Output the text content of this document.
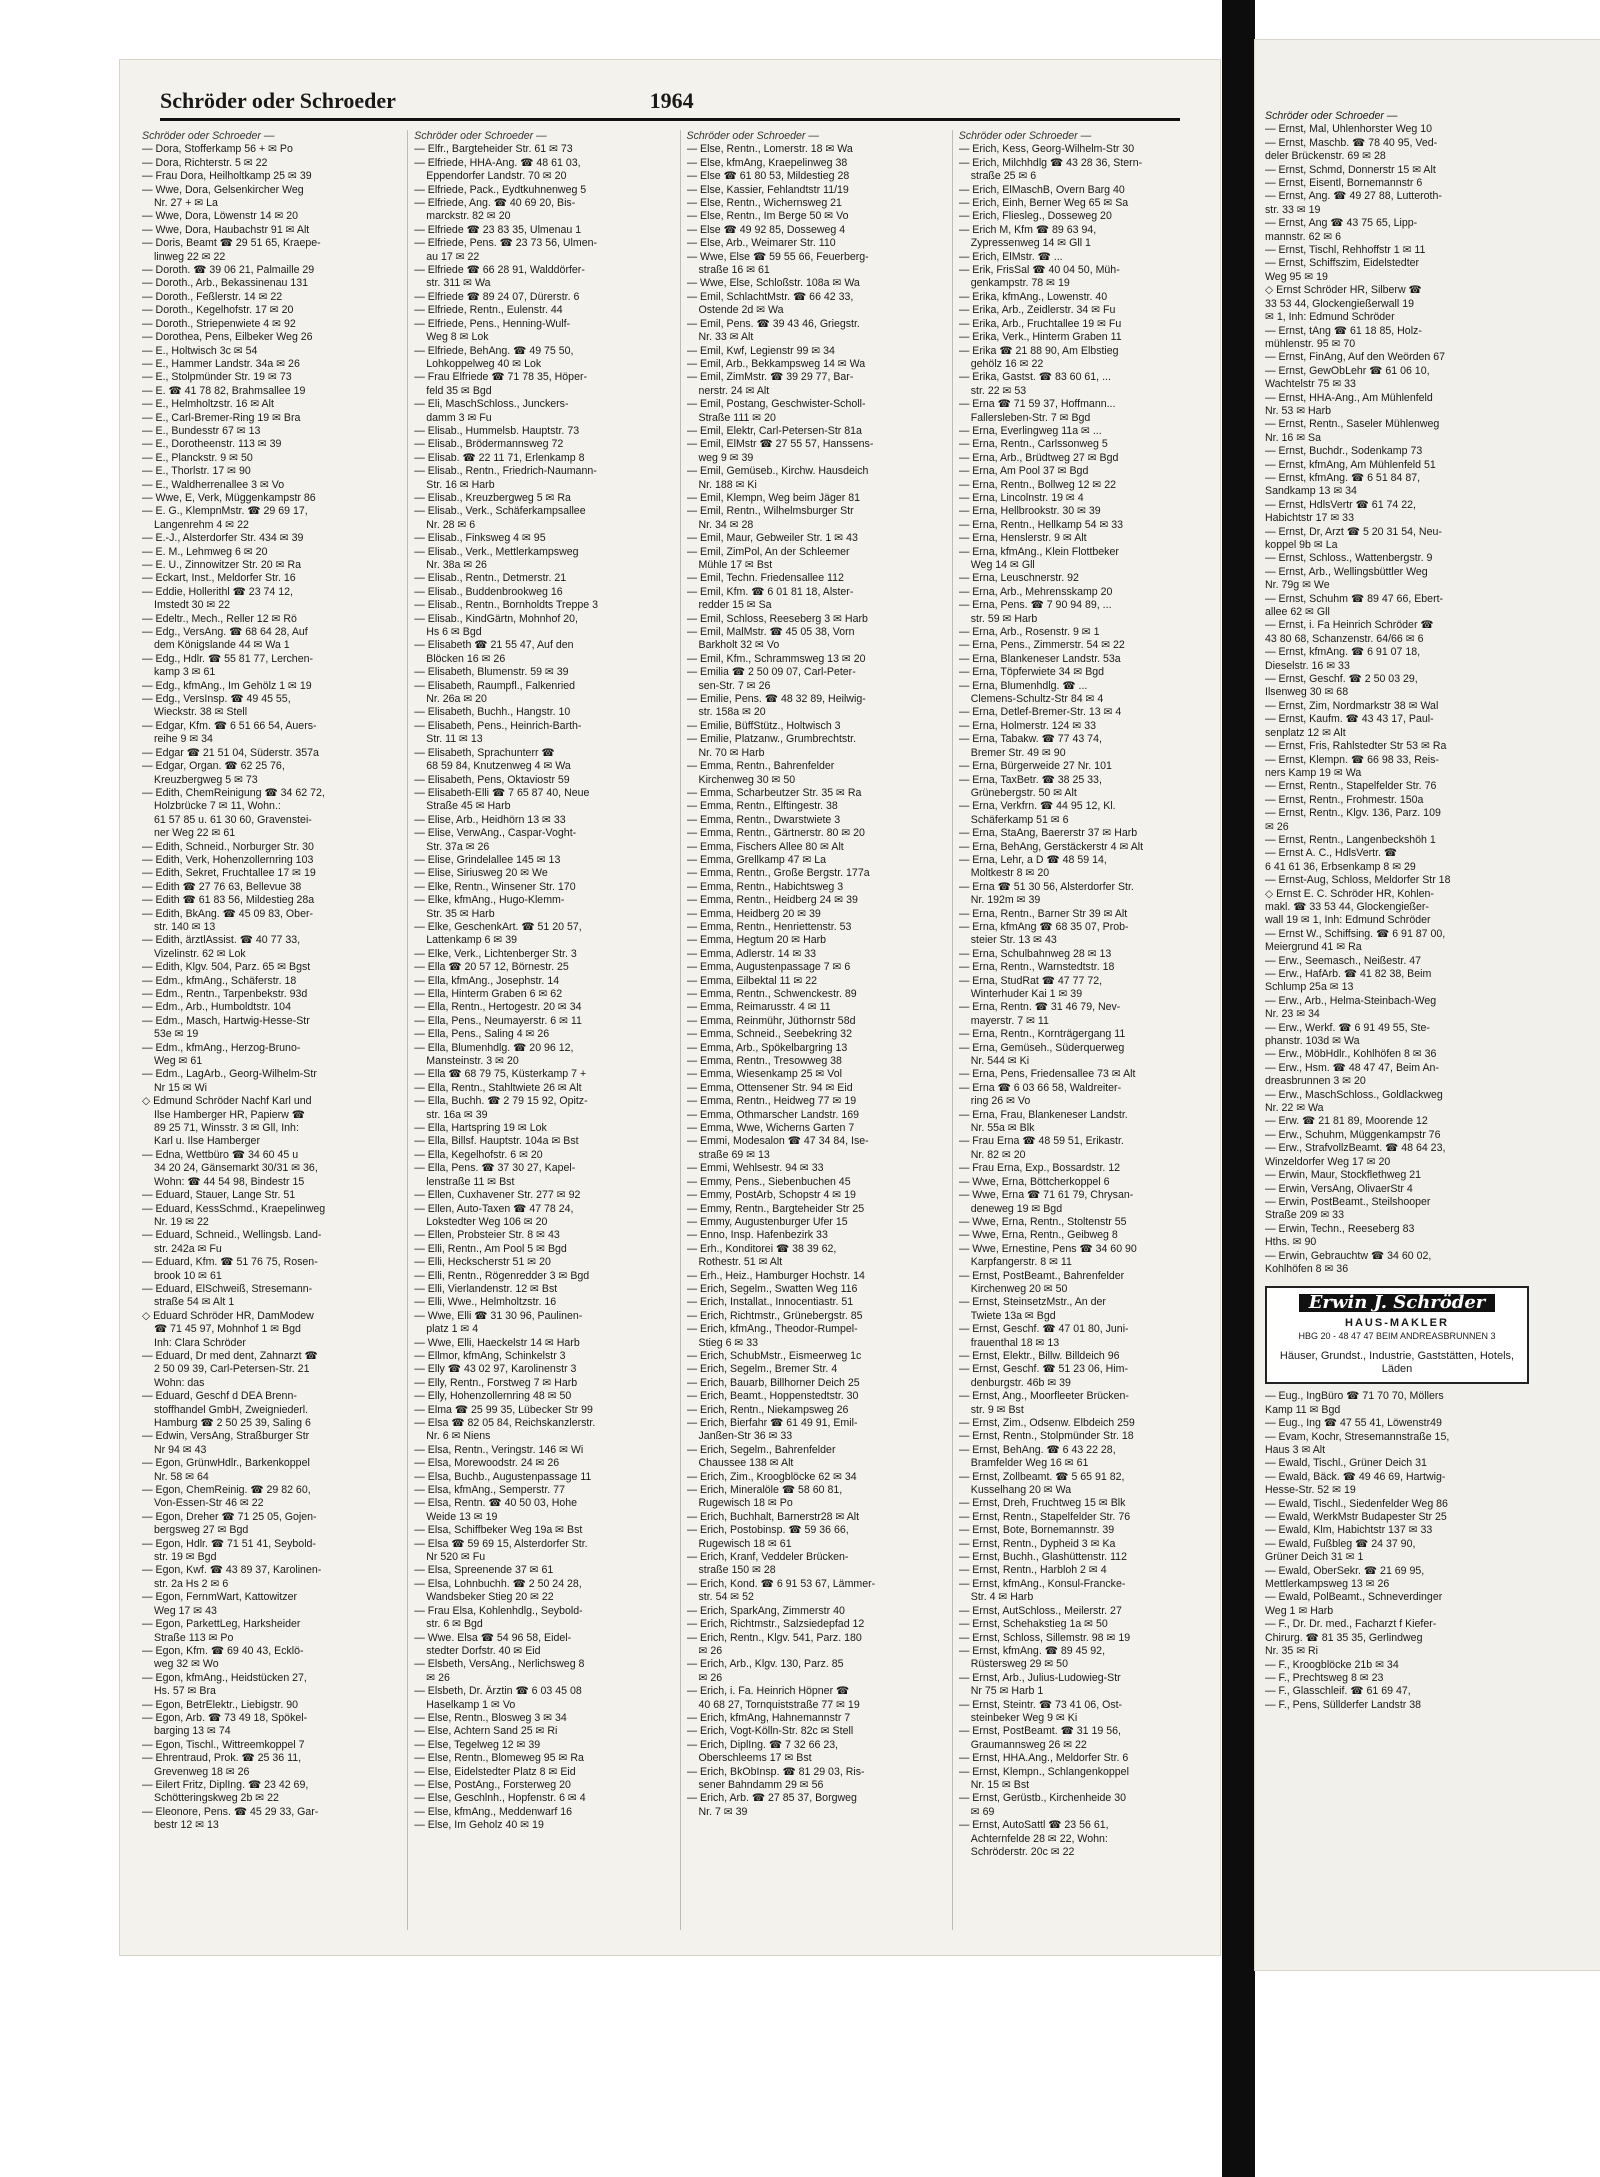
Schröder oder Schroeder	1964
Schröder oder Schroeder —
— Dora, Stofferkamp 56 + ✉ Po
— Dora, Richterstr. 5 ✉ 22
— Frau Dora, Heilholtkamp 25 ✉ 39
— Wwe, Dora, Gelsenkircher Weg
Nr. 27 + ✉ La
— Wwe, Dora, Löwenstr 14 ✉ 20
— Wwe, Dora, Haubachstr 91 ✉ Alt
— Doris, Beamt ☎ 29 51 65, Kraepe-
linweg 22 ✉ 22
— Doroth. ☎ 39 06 21, Palmaille 29
— Doroth., Arb., Bekassinenau 131
— Doroth., Feßlerstr. 14 ✉ 22
— Doroth., Kegelhofstr. 17 ✉ 20
— Doroth., Striepenwiete 4 ✉ 92
— Dorothea, Pens, Eilbeker Weg 26
— E., Holtwisch 3c ✉ 54
— E., Hammer Landstr. 34a ✉ 26
— E., Stolpmünder Str. 19 ✉ 73
— E. ☎ 41 78 82, Brahmsallee 19
— E., Helmholtzstr. 16 ✉ Alt
— E., Carl-Bremer-Ring 19 ✉ Bra
— E., Bundesstr 67 ✉ 13
— E., Dorotheenstr. 113 ✉ 39
— E., Planckstr. 9 ✉ 50
— E., Thorlstr. 17 ✉ 90
— E., Waldherrenallee 3 ✉ Vo
— Wwe, E, Verk, Müggenkampstr 86
— E. G., KlempnMstr. ☎ 29 69 17,
Langenrehm 4 ✉ 22
— E.-J., Alsterdorfer Str. 434 ✉ 39
— E. M., Lehmweg 6 ✉ 20
— E. U., Zinnowitzer Str. 20 ✉ Ra
— Eckart, Inst., Meldorfer Str. 16
— Eddie, Hollerithl ☎ 23 74 12,
Imstedt 30 ✉ 22
— Edeltr., Mech., Reller 12 ✉ Rö
— Edg., VersAng. ☎ 68 64 28, Auf
dem Königslande 44 ✉ Wa 1
— Edg., Hdlr. ☎ 55 81 77, Lerchen-
kamp 3 ✉ 61
— Edg., kfmAng., Im Gehölz 1 ✉ 19
— Edg., VersInsp. ☎ 49 45 55,
Wieckstr. 38 ✉ Stell
— Edgar, Kfm. ☎ 6 51 66 54, Auers-
reihe 9 ✉ 34
— Edgar ☎ 21 51 04, Süderstr. 357a
— Edgar, Organ. ☎ 62 25 76,
Kreuzbergweg 5 ✉ 73
— Edith, ChemReinigung ☎ 34 62 72,
Holzbrücke 7 ✉ 11, Wohn.:
61 57 85 u. 61 30 60, Gravenstei-
ner Weg 22 ✉ 61
— Edith, Schneid., Norburger Str. 30
— Edith, Verk, Hohenzollernring 103
— Edith, Sekret, Fruchtallee 17 ✉ 19
— Edith ☎ 27 76 63, Bellevue 38
— Edith ☎ 61 83 56, Mildestieg 28a
— Edith, BkAng. ☎ 45 09 83, Ober-
str. 140 ✉ 13
— Edith, ärztlAssist. ☎ 40 77 33,
Vizelinstr. 62 ✉ Lok
— Edith, Klgv. 504, Parz. 65 ✉ Bgst
— Edm., kfmAng., Schäferstr. 18
— Edm., Rentn., Tarpenbekstr. 93d
— Edm., Arb., Humboldtstr. 104
— Edm., Masch, Hartwig-Hesse-Str
53e ✉ 19
— Edm., kfmAng., Herzog-Bruno-
Weg ✉ 61
— Edm., LagArb., Georg-Wilhelm-Str
Nr 15 ✉ Wi
◇ Edmund Schröder Nachf Karl und
Ilse Hamberger HR, Papierw ☎
89 25 71, Winsstr. 3 ✉ Gll, Inh:
Karl u. Ilse Hamberger
— Edna, Wettbüro ☎ 34 60 45 u
34 20 24, Gänsemarkt 30/31 ✉ 36,
Wohn: ☎ 44 54 98, Bindestr 15
— Eduard, Stauer, Lange Str. 51
— Eduard, KessSchmd., Kraepelinweg
Nr. 19 ✉ 22
— Eduard, Schneid., Wellingsb. Land-
str. 242a ✉ Fu
— Eduard, Kfm. ☎ 51 76 75, Rosen-
brook 10 ✉ 61
— Eduard, ElSchweiß, Stresemann-
straße 54 ✉ Alt 1
◇ Eduard Schröder HR, DamModew
☎ 71 45 97, Mohnhof 1 ✉ Bgd
Inh: Clara Schröder
— Eduard, Dr med dent, Zahnarzt ☎
2 50 09 39, Carl-Petersen-Str. 21
Wohn: das
— Eduard, Geschf d DEA Brenn-
stoffhandel GmbH, Zweigniederl.
Hamburg ☎ 2 50 25 39, Saling 6
— Edwin, VersAng, Straßburger Str
Nr 94 ✉ 43
— Egon, GrünwHdlr., Barkenkoppel
Nr. 58 ✉ 64
— Egon, ChemReinig. ☎ 29 82 60,
Von-Essen-Str 46 ✉ 22
— Egon, Dreher ☎ 71 25 05, Gojen-
bergsweg 27 ✉ Bgd
— Egon, Hdlr. ☎ 71 51 41, Seybold-
str. 19 ✉ Bgd
— Egon, Kwf. ☎ 43 89 37, Karolinen-
str. 2a Hs 2 ✉ 6
— Egon, FernmWart, Kattowitzer
Weg 17 ✉ 43
— Egon, ParkettLeg, Harksheider
Straße 113 ✉ Po
— Egon, Kfm. ☎ 69 40 43, Ecklö-
weg 32 ✉ Wo
— Egon, kfmAng., Heidstücken 27,
Hs. 57 ✉ Bra
— Egon, BetrElektr., Liebigstr. 90
— Egon, Arb. ☎ 73 49 18, Spökel-
barging 13 ✉ 74
— Egon, Tischl., Wittreemkoppel 7
— Ehrentraud, Prok. ☎ 25 36 11,
Grevenweg 18 ✉ 26
— Eilert Fritz, DiplIng. ☎ 23 42 69,
Schötteringskweg 2b ✉ 22
— Eleonore, Pens. ☎ 45 29 33, Gar-
bestr 12 ✉ 13
Schröder oder Schroeder —
— Elfr., Bargteheider Str. 61 ✉ 73
— Elfriede, HHA-Ang. ☎ 48 61 03,
Eppendorfer Landstr. 70 ✉ 20
— Elfriede, Pack., Eydtkuhnenweg 5
— Elfriede, Ang. ☎ 40 69 20, Bis-
marckstr. 82 ✉ 20
— Elfriede ☎ 23 83 35, Ulmenau 1
— Elfriede, Pens. ☎ 23 73 56, Ulmen-
au 17 ✉ 22
— Elfriede ☎ 66 28 91, Walddörfer-
str. 311 ✉ Wa
— Elfriede ☎ 89 24 07, Dürerstr. 6
— Elfriede, Rentn., Eulenstr. 44
— Elfriede, Pens., Henning-Wulf-
Weg 8 ✉ Lok
— Elfriede, BehAng. ☎ 49 75 50,
Lohkoppelweg 40 ✉ Lok
— Frau Elfriede ☎ 71 78 35, Höper-
feld 35 ✉ Bgd
— Eli, MaschSchloss., Junckers-
damm 3 ✉ Fu
— Elisab., Hummelsb. Hauptstr. 73
— Elisab., Brödermannsweg 72
— Elisab. ☎ 22 11 71, Erlenkamp 8
— Elisab., Rentn., Friedrich-Naumann-
Str. 16 ✉ Harb
— Elisab., Kreuzbergweg 5 ✉ Ra
— Elisab., Verk., Schäferkampsallee
Nr. 28 ✉ 6
— Elisab., Finksweg 4 ✉ 95
— Elisab., Verk., Mettlerkampsweg
Nr. 38a ✉ 26
— Elisab., Rentn., Detmerstr. 21
— Elisab., Buddenbrookweg 16
— Elisab., Rentn., Bornholdts Treppe 3
— Elisab., KindGärtn, Mohnhof 20,
Hs 6 ✉ Bgd
— Elisabeth ☎ 21 55 47, Auf den
Blöcken 16 ✉ 26
— Elisabeth, Blumenstr. 59 ✉ 39
— Elisabeth, Raumpfl., Falkenried
Nr. 26a ✉ 20
— Elisabeth, Buchh., Hangstr. 10
— Elisabeth, Pens., Heinrich-Barth-
Str. 11 ✉ 13
— Elisabeth, Sprachunterr ☎
68 59 84, Knutzenweg 4 ✉ Wa
— Elisabeth, Pens, Oktaviostr 59
— Elisabeth-Elli ☎ 7 65 87 40, Neue
Straße 45 ✉ Harb
— Elise, Arb., Heidhörn 13 ✉ 33
— Elise, VerwAng., Caspar-Voght-
Str. 37a ✉ 26
— Elise, Grindelallee 145 ✉ 13
— Elise, Siriusweg 20 ✉ We
— Elke, Rentn., Winsener Str. 170
— Elke, kfmAng., Hugo-Klemm-
Str. 35 ✉ Harb
— Elke, GeschenkArt. ☎ 51 20 57,
Lattenkamp 6 ✉ 39
— Elke, Verk., Lichtenberger Str. 3
— Ella ☎ 20 57 12, Börnestr. 25
— Ella, kfmAng., Josephstr. 14
— Ella, Hinterm Graben 6 ✉ 62
— Ella, Rentn., Hertogestr. 20 ✉ 34
— Ella, Pens., Neumayerstr. 6 ✉ 11
— Ella, Pens., Saling 4 ✉ 26
— Ella, Blumenhdlg. ☎ 20 96 12,
Mansteinstr. 3 ✉ 20
— Ella ☎ 68 79 75, Küsterkamp 7 +
— Ella, Rentn., Stahltwiete 26 ✉ Alt
— Ella, Buchh. ☎ 2 79 15 92, Opitz-
str. 16a ✉ 39
— Ella, Hartspring 19 ✉ Lok
— Ella, Billsf. Hauptstr. 104a ✉ Bst
— Ella, Kegelhofstr. 6 ✉ 20
— Ella, Pens. ☎ 37 30 27, Kapel-
lenstraße 11 ✉ Bst
— Ellen, Cuxhavener Str. 277 ✉ 92
— Ellen, Auto-Taxen ☎ 47 78 24,
Lokstedter Weg 106 ✉ 20
— Ellen, Probsteier Str. 8 ✉ 43
— Elli, Rentn., Am Pool 5 ✉ Bgd
— Elli, Heckscherstr 51 ✉ 20
— Elli, Rentn., Rögenredder 3 ✉ Bgd
— Elli, Vierlandenstr. 12 ✉ Bst
— Elli, Wwe., Helmholtzstr. 16
— Wwe, Elli ☎ 31 30 96, Paulinen-
platz 1 ✉ 4
— Wwe, Elli, Haeckelstr 14 ✉ Harb
— Ellmor, kfmAng, Schinkelstr 3
— Elly ☎ 43 02 97, Karolinenstr 3
— Elly, Rentn., Forstweg 7 ✉ Harb
— Elly, Hohenzollernring 48 ✉ 50
— Elma ☎ 25 99 35, Lübecker Str 99
— Elsa ☎ 82 05 84, Reichskanzlerstr.
Nr. 6 ✉ Niens
— Elsa, Rentn., Veringstr. 146 ✉ Wi
— Elsa, Morewoodstr. 24 ✉ 26
— Elsa, Buchb., Augustenpassage 11
— Elsa, kfmAng., Semperstr. 77
— Elsa, Rentn. ☎ 40 50 03, Hohe
Weide 13 ✉ 19
— Elsa, Schiffbeker Weg 19a ✉ Bst
— Elsa ☎ 59 69 15, Alsterdorfer Str.
Nr 520 ✉ Fu
— Elsa, Spreenende 37 ✉ 61
— Elsa, Lohnbuchh. ☎ 2 50 24 28,
Wandsbeker Stieg 20 ✉ 22
— Frau Elsa, Kohlenhdlg., Seybold-
str. 6 ✉ Bgd
— Wwe. Elsa ☎ 54 96 58, Eidel-
stedter Dorfstr. 40 ✉ Eid
— Elsbeth, VersAng., Nerlichsweg 8
✉ 26
— Elsbeth, Dr. Ärztin ☎ 6 03 45 08
Haselkamp 1 ✉ Vo
— Else, Rentn., Blosweg 3 ✉ 34
— Else, Achtern Sand 25 ✉ Ri
— Else, Tegelweg 12 ✉ 39
— Else, Rentn., Blomeweg 95 ✉ Ra
— Else, Eidelstedter Platz 8 ✉ Eid
— Else, PostAng., Forsterweg 20
— Else, Geschlnh., Hopfenstr. 6 ✉ 4
— Else, kfmAng., Meddenwarf 16
— Else, Im Geholz 40 ✉ 19
Schröder oder Schroeder —
— Else, Rentn., Lomerstr. 18 ✉ Wa
— Else, kfmAng, Kraepelinweg 38
— Else ☎ 61 80 53, Mildestieg 28
— Else, Kassier, Fehlandtstr 11/19
— Else, Rentn., Wichernsweg 21
— Else, Rentn., Im Berge 50 ✉ Vo
— Else ☎ 49 92 85, Dosseweg 4
— Else, Arb., Weimarer Str. 110
— Wwe, Else ☎ 59 55 66, Feuerberg-
straße 16 ✉ 61
— Wwe, Else, Schloßstr. 108a ✉ Wa
— Emil, SchlachtMstr. ☎ 66 42 33,
Ostende 2d ✉ Wa
— Emil, Pens. ☎ 39 43 46, Griegstr.
Nr. 33 ✉ Alt
— Emil, Kwf, Legienstr 99 ✉ 34
— Emil, Arb., Bekkampsweg 14 ✉ Wa
— Emil, ZimMstr. ☎ 39 29 77, Bar-
nerstr. 24 ✉ Alt
— Emil, Postang, Geschwister-Scholl-
Straße 111 ✉ 20
— Emil, Elektr, Carl-Petersen-Str 81a
— Emil, ElMstr ☎ 27 55 57, Hanssens-
weg 9 ✉ 39
— Emil, Gemüseb., Kirchw. Hausdeich
Nr. 188 ✉ Ki
— Emil, Klempn, Weg beim Jäger 81
— Emil, Rentn., Wilhelmsburger Str
Nr. 34 ✉ 28
— Emil, Maur, Gebweiler Str. 1 ✉ 43
— Emil, ZimPol, An der Schleemer
Mühle 17 ✉ Bst
— Emil, Techn. Friedensallee 112
— Emil, Kfm. ☎ 6 01 81 18, Alster-
redder 15 ✉ Sa
— Emil, Schloss, Reeseberg 3 ✉ Harb
— Emil, MalMstr. ☎ 45 05 38, Vorn
Barkholt 32 ✉ Vo
— Emil, Kfm., Schrammsweg 13 ✉ 20
— Emilia ☎ 2 50 09 07, Carl-Peter-
sen-Str. 7 ✉ 26
— Emilie, Pens. ☎ 48 32 89, Heilwig-
str. 158a ✉ 20
— Emilie, BüffStütz., Holtwisch 3
— Emilie, Platzanw., Grumbrechtstr.
Nr. 70 ✉ Harb
— Emma, Rentn., Bahrenfelder
Kirchenweg 30 ✉ 50
— Emma, Scharbeutzer Str. 35 ✉ Ra
— Emma, Rentn., Elftingestr. 38
— Emma, Rentn., Dwarstwiete 3
— Emma, Rentn., Gärtnerstr. 80 ✉ 20
— Emma, Fischers Allee 80 ✉ Alt
— Emma, Grellkamp 47 ✉ La
— Emma, Rentn., Große Bergstr. 177a
— Emma, Rentn., Habichtsweg 3
— Emma, Rentn., Heidberg 24 ✉ 39
— Emma, Heidberg 20 ✉ 39
— Emma, Rentn., Henriettenstr. 53
— Emma, Hegtum 20 ✉ Harb
— Emma, Adlerstr. 14 ✉ 33
— Emma, Augustenpassage 7 ✉ 6
— Emma, Eilbektal 11 ✉ 22
— Emma, Rentn., Schwenckestr. 89
— Emma, Reimarusstr. 4 ✉ 11
— Emma, Reinmühr, Jüthornstr 58d
— Emma, Schneid., Seebekring 32
— Emma, Arb., Spökelbargring 13
— Emma, Rentn., Tresowweg 38
— Emma, Wiesenkamp 25 ✉ Vol
— Emma, Ottensener Str. 94 ✉ Eid
— Emma, Rentn., Heidweg 77 ✉ 19
— Emma, Othmarscher Landstr. 169
— Emma, Wwe, Wicherns Garten 7
— Emmi, Modesalon ☎ 47 34 84, Ise-
straße 69 ✉ 13
— Emmi, Wehlsestr. 94 ✉ 33
— Emmy, Pens., Siebenbuchen 45
— Emmy, PostArb, Schopstr 4 ✉ 19
— Emmy, Rentn., Bargteheider Str 25
— Emmy, Augustenburger Ufer 15
— Enno, Insp. Hafenbezirk 33
— Erh., Konditorei ☎ 38 39 62,
Rothestr. 51 ✉ Alt
— Erh., Heiz., Hamburger Hochstr. 14
— Erich, Segelm., Swatten Weg 116
— Erich, Installat., Innocentiastr. 51
— Erich, Richtmstr., Grünebergstr. 85
— Erich, kfmAng., Theodor-Rumpel-
Stieg 6 ✉ 33
— Erich, SchubMstr., Eismeerweg 1c
— Erich, Segelm., Bremer Str. 4
— Erich, Bauarb, Billhorner Deich 25
— Erich, Beamt., Hoppenstedtstr. 30
— Erich, Rentn., Niekampsweg 26
— Erich, Bierfahr ☎ 61 49 91, Emil-
Janßen-Str 36 ✉ 33
— Erich, Segelm., Bahrenfelder
Chaussee 138 ✉ Alt
— Erich, Zim., Kroogblöcke 62 ✉ 34
— Erich, Mineralöle ☎ 58 60 81,
Rugewisch 18 ✉ Po
— Erich, Buchhalt, Barnerstr28 ✉ Alt
— Erich, Postobinsp. ☎ 59 36 66,
Rugewisch 18 ✉ 61
— Erich, Kranf, Veddeler Brücken-
straße 150 ✉ 28
— Erich, Kond. ☎ 6 91 53 67, Lämmer-
str. 54 ✉ 52
— Erich, SparkAng, Zimmerstr 40
— Erich, Richtmstr., Salzsiedepfad 12
— Erich, Rentn., Klgv. 541, Parz. 180
✉ 26
— Erich, Arb., Klgv. 130, Parz. 85
✉ 26
— Erich, i. Fa. Heinrich Höpner ☎
40 68 27, Tornquiststraße 77 ✉ 19
— Erich, kfmAng, Hahnemannstr 7
— Erich, Vogt-Kölln-Str. 82c ✉ Stell
— Erich, DiplIng. ☎ 7 32 66 23,
Oberschleems 17 ✉ Bst
— Erich, BkObInsp. ☎ 81 29 03, Ris-
sener Bahndamm 29 ✉ 56
— Erich, Arb. ☎ 27 85 37, Borgweg
Nr. 7 ✉ 39
Schröder oder Schroeder —
— Erich, Kess, Georg-Wilhelm-Str 30
— Erich, Milchhdlg ☎ 43 28 36, Stern-
straße 25 ✉ 6
— Erich, ElMaschB, Overn Barg 40
— Erich, Einh, Berner Weg 65 ✉ Sa
— Erich, Fliesleg., Dosseweg 20
— Erich M, Kfm ☎ 89 63 94,
Zypressenweg 14 ✉ Gll 1
— Erich, ElMstr. ☎ ...
— Erik, FrisSal ☎ 40 04 50, Müh-
genkampstr. 78 ✉ 19
— Erika, kfmAng., Lowenstr. 40
— Erika, Arb., Zeidlerstr. 34 ✉ Fu
— Erika, Arb., Fruchtallee 19 ✉ Fu
— Erika, Verk., Hinterm Graben 11
— Erika ☎ 21 88 90, Am Elbstieg
gehölz 16 ✉ 22
— Erika, Gastst. ☎ 83 60 61, ...
str. 22 ✉ 53
— Erna ☎ 71 59 37, Hoffmann...
Fallersleben-Str. 7 ✉ Bgd
— Erna, Everlingweg 11a ✉ ...
— Erna, Rentn., Carlssonweg 5
— Erna, Arb., Brüdtweg 27 ✉ Bgd
— Erna, Am Pool 37 ✉ Bgd
— Erna, Rentn., Bollweg 12 ✉ 22
— Erna, Lincolnstr. 19 ✉ 4
— Erna, Hellbrookstr. 30 ✉ 39
— Erna, Rentn., Hellkamp 54 ✉ 33
— Erna, Henslerstr. 9 ✉ Alt
— Erna, kfmAng., Klein Flottbeker
Weg 14 ✉ Gll
— Erna, Leuschnerstr. 92
— Erna, Arb., Mehrensskamp 20
— Erna, Pens. ☎ 7 90 94 89, ...
str. 59 ✉ Harb
— Erna, Arb., Rosenstr. 9 ✉ 1
— Erna, Pens., Zimmerstr. 54 ✉ 22
— Erna, Blankeneser Landstr. 53a
— Erna, Töpferwiete 34 ✉ Bgd
— Erna, Blumenhdlg. ☎ ...
Clemens-Schultz-Str 84 ✉ 4
— Erna, Detlef-Bremer-Str. 13 ✉ 4
— Erna, Holmerstr. 124 ✉ 33
— Erna, Tabakw. ☎ 77 43 74,
Bremer Str. 49 ✉ 90
— Erna, Bürgerweide 27 Nr. 101
— Erna, TaxBetr. ☎ 38 25 33,
Grünebergstr. 50 ✉ Alt
— Erna, Verkfrn. ☎ 44 95 12, Kl.
Schäferkamp 51 ✉ 6
— Erna, StaAng, Baererstr 37 ✉ Harb
— Erna, BehAng, Gerstäckerstr 4 ✉ Alt
— Erna, Lehr, a D ☎ 48 59 14,
Moltkestr 8 ✉ 20
— Erna ☎ 51 30 56, Alsterdorfer Str.
Nr. 192m ✉ 39
— Erna, Rentn., Barner Str 39 ✉ Alt
— Erna, kfmAng ☎ 68 35 07, Prob-
steier Str. 13 ✉ 43
— Erna, Schulbahnweg 28 ✉ 13
— Erna, Rentn., Warnstedtstr. 18
— Erna, StudRat ☎ 47 77 72,
Winterhuder Kai 1 ✉ 39
— Erna, Rentn. ☎ 31 46 79, Nev-
mayerstr. 7 ✉ 11
— Erna, Rentn., Kornträgergang 11
— Erna, Gemüseh., Süderquerweg
Nr. 544 ✉ Ki
— Erna, Pens, Friedensallee 73 ✉ Alt
— Erna ☎ 6 03 66 58, Waldreiter-
ring 26 ✉ Vo
— Erna, Frau, Blankeneser Landstr.
Nr. 55a ✉ Blk
— Frau Erna ☎ 48 59 51, Erikastr.
Nr. 82 ✉ 20
— Frau Erna, Exp., Bossardstr. 12
— Wwe, Erna, Böttcherkoppel 6
— Wwe, Erna ☎ 71 61 79, Chrysan-
deneweg 19 ✉ Bgd
— Wwe, Erna, Rentn., Stoltenstr 55
— Wwe, Erna, Rentn., Geibweg 8
— Wwe, Ernestine, Pens ☎ 34 60 90
Karpfangerstr. 8 ✉ 11
— Ernst, PostBeamt., Bahrenfelder
Kirchenweg 20 ✉ 50
— Ernst, SteinsetzMstr., An der
Twiete 13a ✉ Bgd
— Ernst, Geschf. ☎ 47 01 80, Juni-
frauenthal 18 ✉ 13
— Ernst, Elektr., Billw. Billdeich 96
— Ernst, Geschf. ☎ 51 23 06, Him-
denburgstr. 46b ✉ 39
— Ernst, Ang., Moorfleeter Brücken-
str. 9 ✉ Bst
— Ernst, Zim., Odsenw. Elbdeich 259
— Ernst, Rentn., Stolpmünder Str. 18
— Ernst, BehAng. ☎ 6 43 22 28,
Bramfelder Weg 16 ✉ 61
— Ernst, Zollbeamt. ☎ 5 65 91 82,
Kusselhang 20 ✉ Wa
— Ernst, Dreh, Fruchtweg 15 ✉ Blk
— Ernst, Rentn., Stapelfelder Str. 76
— Ernst, Bote, Bornemannstr. 39
— Ernst, Rentn., Dypheid 3 ✉ Ka
— Ernst, Buchh., Glashüttenstr. 112
— Ernst, Rentn., Harbloh 2 ✉ 4
— Ernst, kfmAng., Konsul-Francke-
Str. 4 ✉ Harb
— Ernst, AutSchloss., Meilerstr. 27
— Ernst, Schehakstieg 1a ✉ 50
— Ernst, Schloss, Sillemstr. 98 ✉ 19
— Ernst, kfmAng. ☎ 89 45 92,
Rüstersweg 29 ✉ 50
— Ernst, Arb., Julius-Ludowieg-Str
Nr 75 ✉ Harb 1
— Ernst, Steintr. ☎ 73 41 06, Ost-
steinbeker Weg 9 ✉ Ki
— Ernst, PostBeamt. ☎ 31 19 56,
Graumannsweg 26 ✉ 22
— Ernst, HHA.Ang., Meldorfer Str. 6
— Ernst, Klempn., Schlangenkoppel
Nr. 15 ✉ Bst
— Ernst, Gerüstb., Kirchenheide 30
✉ 69
— Ernst, AutoSattl ☎ 23 56 61,
Achternfelde 28 ✉ 22, Wohn:
Schröderstr. 20c ✉ 22
Schröder oder Schroeder —
— Ernst, Mal, Uhlenhorster Weg 10
— Ernst, Maschb. ☎ 78 40 95, Ved-
deler Brückenstr. 69 ✉ 28
— Ernst, Schmd, Donnerstr 15 ✉ Alt
— Ernst, Eisentl, Bornemannstr 6
— Ernst, Ang. ☎ 49 27 88, Lutteroth-
str. 33 ✉ 19
— Ernst, Ang ☎ 43 75 65, Lipp-
mannstr. 62 ✉ 6
— Ernst, Tischl, Rehhoffstr 1 ✉ 11
— Ernst, Schiffszim, Eidelstedter
Weg 95 ✉ 19
◇ Ernst Schröder HR, Silberw ☎
33 53 44, Glockengießerwall 19
✉ 1, Inh: Edmund Schröder
— Ernst, tAng ☎ 61 18 85, Holz-
mühlenstr. 95 ✉ 70
— Ernst, FinAng, Auf den Weörden 67
— Ernst, GewObLehr ☎ 61 06 10,
Wachtelstr 75 ✉ 33
— Ernst, HHA-Ang., Am Mühlenfeld
Nr. 53 ✉ Harb
— Ernst, Rentn., Saseler Mühlenweg
Nr. 16 ✉ Sa
— Ernst, Buchdr., Sodenkamp 73
— Ernst, kfmAng, Am Mühlenfeld 51
— Ernst, kfmAng. ☎ 6 51 84 87,
Sandkamp 13 ✉ 34
— Ernst, HdlsVertr ☎ 61 74 22,
Habichtstr 17 ✉ 33
— Ernst, Dr, Arzt ☎ 5 20 31 54, Neu-
koppel 9b ✉ La
— Ernst, Schloss., Wattenbergstr. 9
— Ernst, Arb., Wellingsbüttler Weg
Nr. 79g ✉ We
— Ernst, Schuhm ☎ 89 47 66, Ebert-
allee 62 ✉ Gll
— Ernst, i. Fa Heinrich Schröder ☎
43 80 68, Schanzenstr. 64/66 ✉ 6
— Ernst, kfmAng. ☎ 6 91 07 18,
Dieselstr. 16 ✉ 33
— Ernst, Geschf. ☎ 2 50 03 29,
Ilsenweg 30 ✉ 68
— Ernst, Zim, Nordmarkstr 38 ✉ Wal
— Ernst, Kaufm. ☎ 43 43 17, Paul-
senplatz 12 ✉ Alt
— Ernst, Fris, Rahlstedter Str 53 ✉ Ra
— Ernst, Klempn. ☎ 66 98 33, Reis-
ners Kamp 19 ✉ Wa
— Ernst, Rentn., Stapelfelder Str. 76
— Ernst, Rentn., Frohmestr. 150a
— Ernst, Rentn., Klgv. 136, Parz. 109
✉ 26
— Ernst, Rentn., Langenbeckshöh 1
— Ernst A. C., HdlsVertr. ☎
6 41 61 36, Erbsenkamp 8 ✉ 29
— Ernst-Aug, Schloss, Meldorfer Str 18
◇ Ernst E. C. Schröder HR, Kohlen-
makl. ☎ 33 53 44, Glockengießer-
wall 19 ✉ 1, Inh: Edmund Schröder
— Ernst W., Schiffsing. ☎ 6 91 87 00,
Meiergrund 41 ✉ Ra
— Erw., Seemasch., Neißestr. 47
— Erw., HafArb. ☎ 41 82 38, Beim
Schlump 25a ✉ 13
— Erw., Arb., Helma-Steinbach-Weg
Nr. 23 ✉ 34
— Erw., Werkf. ☎ 6 91 49 55, Ste-
phanstr. 103d ✉ Wa
— Erw., MöbHdlr., Kohlhöfen 8 ✉ 36
— Erw., Hsm. ☎ 48 47 47, Beim An-
dreasbrunnen 3 ✉ 20
— Erw., MaschSchloss., Goldlackweg
Nr. 22 ✉ Wa
— Erw. ☎ 21 81 89, Moorende 12
— Erw., Schuhm, Müggenkampstr 76
— Erw., StrafvollzBeamt. ☎ 48 64 23,
Winzeldorfer Weg 17 ✉ 20
— Erwin, Maur, Stockflethweg 21
— Erwin, VersAng, OlivaerStr 4
— Erwin, PostBeamt., Steilshooper
Straße 209 ✉ 33
— Erwin, Techn., Reeseberg 83
Hths. ✉ 90
— Erwin, Gebrauchtw ☎ 34 60 02,
Kohlhöfen 8 ✉ 36
Erwin J. Schröder
HAUS-MAKLER
HBG 20 - 48 47 47 BEIM ANDREASBRUNNEN 3
Häuser, Grundst., Industrie, Gaststätten, Hotels, Läden
— Eug., IngBüro ☎ 71 70 70, Möllers
Kamp 11 ✉ Bgd
— Eug., Ing ☎ 47 55 41, Löwenstr49
— Evam, Kochr, Stresemannstraße 15,
Haus 3 ✉ Alt
— Ewald, Tischl., Grüner Deich 31
— Ewald, Bäck. ☎ 49 46 69, Hartwig-
Hesse-Str. 52 ✉ 19
— Ewald, Tischl., Siedenfelder Weg 86
— Ewald, WerkMstr Budapester Str 25
— Ewald, Klm, Habichtstr 137 ✉ 33
— Ewald, Fußbleg ☎ 24 37 90,
Grüner Deich 31 ✉ 1
— Ewald, OberSekr. ☎ 21 69 95,
Mettlerkampsweg 13 ✉ 26
— Ewald, PolBeamt., Schneverdinger
Weg 1 ✉ Harb
— F., Dr. Dr. med., Facharzt f Kiefer-
Chirurg. ☎ 81 35 35, Gerlindweg
Nr. 35 ✉ Ri
— F., Kroogblöcke 21b ✉ 34
— F., Prechtsweg 8 ✉ 23
— F., Glasschleif. ☎ 61 69 47,
— F., Pens, Süllderfer Landstr 38
